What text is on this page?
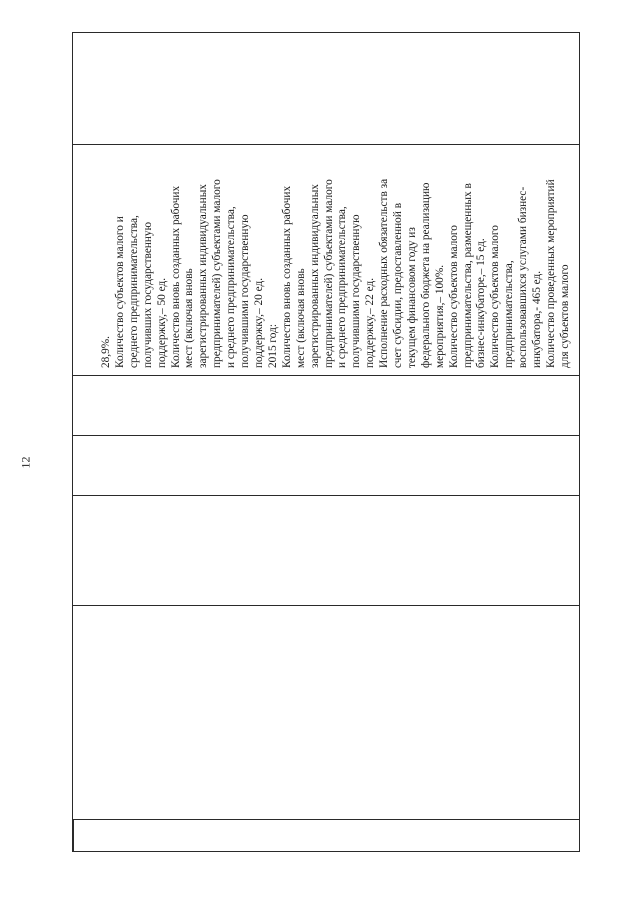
12
28,9%. Количество субъектов малого и среднего предпринимательства, получивших государственную поддержку,– 50 ед. Количество вновь созданных рабочих мест (включая вновь зарегистрированных индивидуальных предпринимателей) субъектами малого и среднего предпринимательства, получившими государственную поддержку,– 20 ед. 2015 год: Количество вновь созданных рабочих мест (включая вновь зарегистрированных индивидуальных предпринимателей) субъектами малого и среднего предпринимательства, получившими государственную поддержку,– 22 ед. Исполнение расходных обязательств за счет субсидии, предоставленной в текущем финансовом году из федерального бюджета на реализацию мероприятия,– 100%. Количество субъектов малого предпринимательства, размещенных в бизнес-инкубаторе,– 15 ед. Количество субъектов малого предпринимательства, воспользовавшихся услугами бизнес- инкубатора,- 465 ед. Количество проведенных мероприятий для субъектов малого
